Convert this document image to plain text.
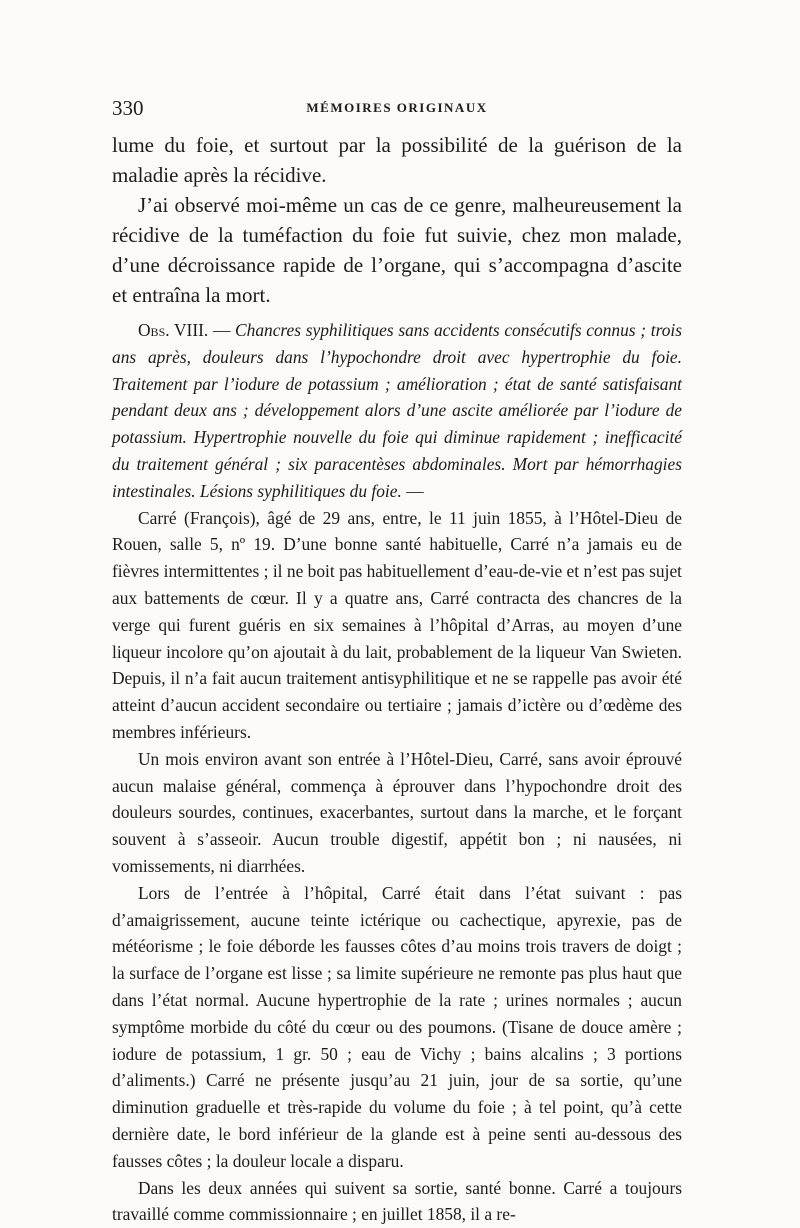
330	MÉMOIRES ORIGINAUX

lume du foie, et surtout par la possibilité de la guérison de la maladie après la récidive.

J’ai observé moi-même un cas de ce genre, malheureusement la récidive de la tuméfaction du foie fut suivie, chez mon malade, d’une décroissance rapide de l’organe, qui s’accompagna d’ascite et entraîna la mort.

Obs. VIII. — Chancres syphilitiques sans accidents consécutifs connus ; trois ans après, douleurs dans l’hypochondre droit avec hypertrophie du foie. Traitement par l’iodure de potassium ; amélioration ; état de santé satisfaisant pendant deux ans ; développement alors d’une ascite améliorée par l’iodure de potassium. Hypertrophie nouvelle du foie qui diminue rapidement ; inefficacité du traitement général ; six paracentèses abdominales. Mort par hémorrhagies intestinales. Lésions syphilitiques du foie. —

Carré (François), âgé de 29 ans, entre, le 11 juin 1855, à l’Hôtel-Dieu de Rouen, salle 5, nº 19. D’une bonne santé habituelle, Carré n’a jamais eu de fièvres intermittentes ; il ne boit pas habituellement d’eau-de-vie et n’est pas sujet aux battements de cœur. Il y a quatre ans, Carré contracta des chancres de la verge qui furent guéris en six semaines à l’hôpital d’Arras, au moyen d’une liqueur incolore qu’on ajoutait à du lait, probablement de la liqueur Van Swieten. Depuis, il n’a fait aucun traitement antisyphilitique et ne se rappelle pas avoir été atteint d’aucun accident secondaire ou tertiaire ; jamais d’ictère ou d’œdème des membres inférieurs.

Un mois environ avant son entrée à l’Hôtel-Dieu, Carré, sans avoir éprouvé aucun malaise général, commença à éprouver dans l’hypochondre droit des douleurs sourdes, continues, exacerbantes, surtout dans la marche, et le forçant souvent à s’asseoir. Aucun trouble digestif, appétit bon ; ni nausées, ni vomissements, ni diarrhées.

Lors de l’entrée à l’hôpital, Carré était dans l’état suivant : pas d’amaigrissement, aucune teinte ictérique ou cachectique, apyrexie, pas de météorisme ; le foie déborde les fausses côtes d’au moins trois travers de doigt ; la surface de l’organe est lisse ; sa limite supérieure ne remonte pas plus haut que dans l’état normal. Aucune hypertrophie de la rate ; urines normales ; aucun symptôme morbide du côté du cœur ou des poumons. (Tisane de douce amère ; iodure de potassium, 1 gr. 50 ; eau de Vichy ; bains alcalins ; 3 portions d’aliments.) Carré ne présente jusqu’au 21 juin, jour de sa sortie, qu’une diminution graduelle et très-rapide du volume du foie ; à tel point, qu’à cette dernière date, le bord inférieur de la glande est à peine senti au-dessous des fausses côtes ; la douleur locale a disparu.

Dans les deux années qui suivent sa sortie, santé bonne. Carré a toujours travaillé comme commissionnaire ; en juillet 1858, il a re-
